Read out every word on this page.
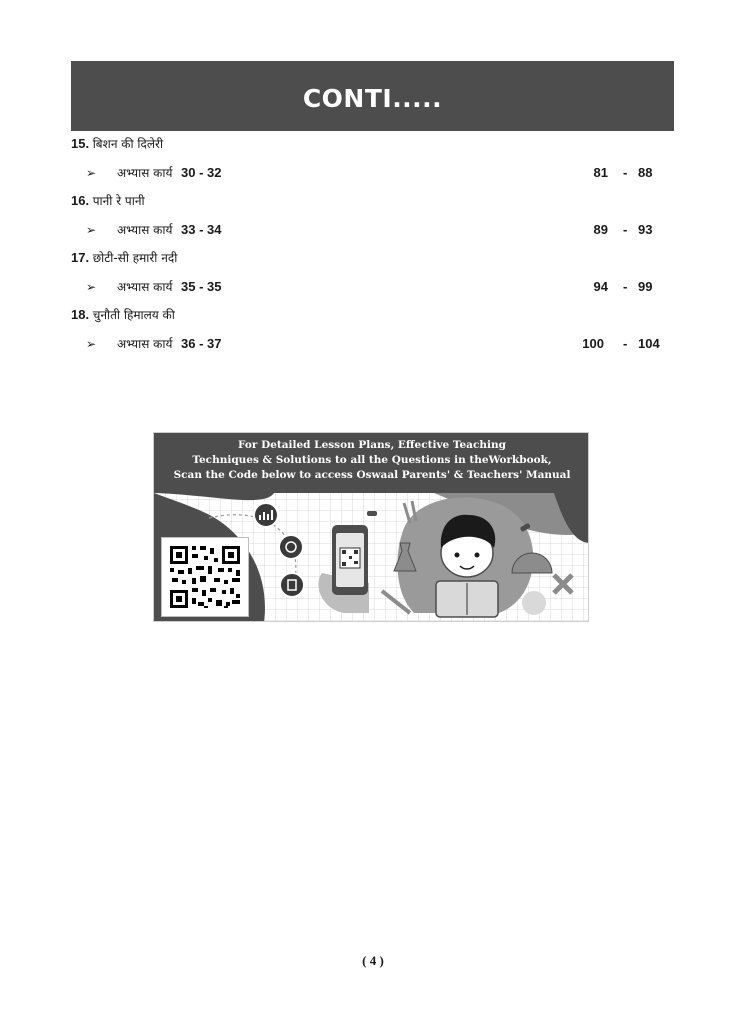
CONTI.....
15. बिशन की दिलेरी
➢ अभ्यास कार्य 30 - 32	81 - 88
16. पानी रे पानी
➢ अभ्यास कार्य 33 - 34	89 - 93
17. छोटी-सी हमारी नदी
➢ अभ्यास कार्य 35 - 35	94 - 99
18. चुनौती हिमालय की
➢ अभ्यास कार्य 36 - 37	100 - 104
For Detailed Lesson Plans, Effective Teaching
Techniques & Solutions to all the Questions in theWorkbook,
Scan the Code below to access Oswaal Parents' & Teachers' Manual
( 4 )
